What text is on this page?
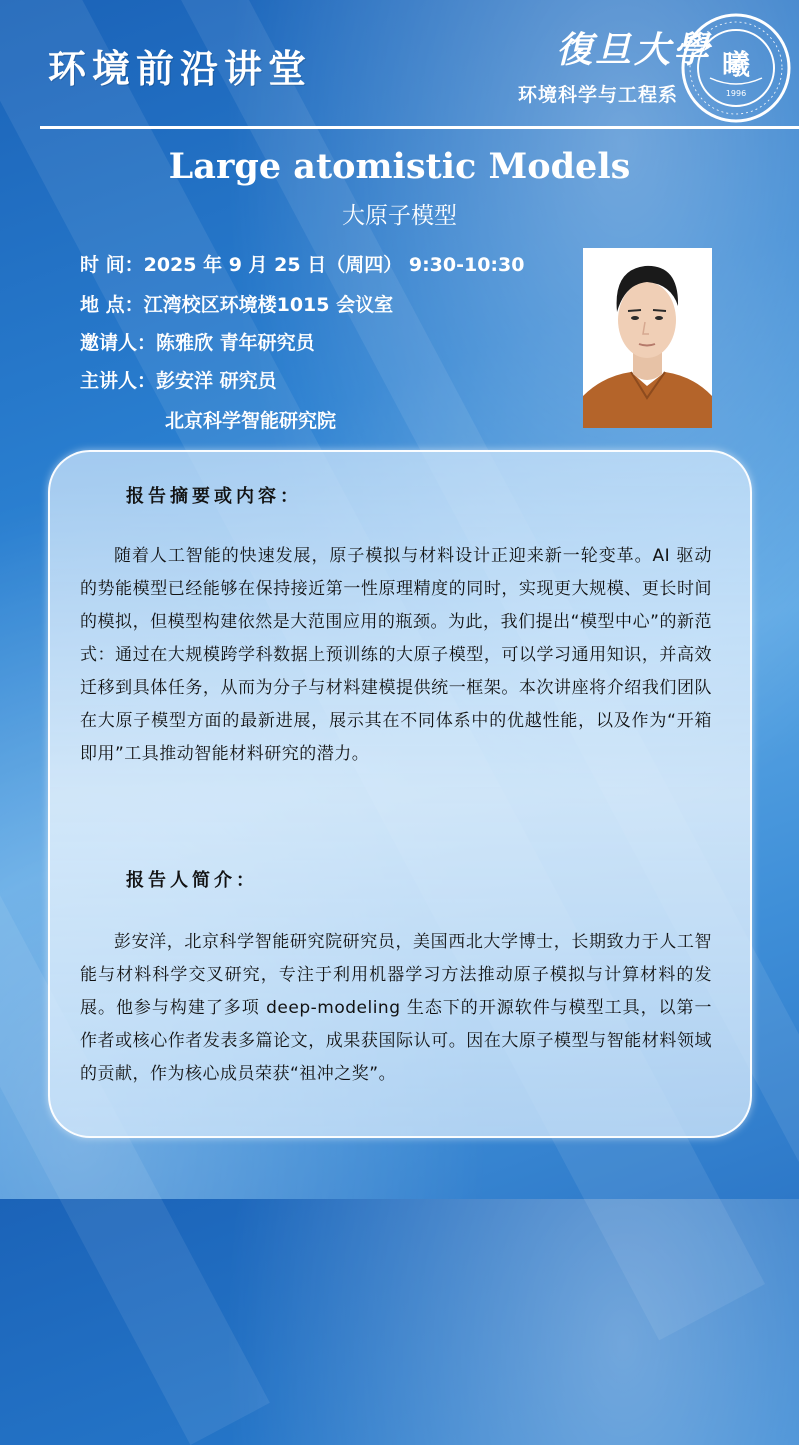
环境前沿讲堂	復旦大學
环境科学与工程系
曦
1996
Large atomistic Models
大原子模型
时 间：2025 年 9 月 25 日（周四） 9:30-10:30
地 点：江湾校区环境楼1015 会议室
邀请人：陈雅欣 青年研究员
主讲人：彭安洋 研究员
北京科学智能研究院
报告摘要或内容：
随着人工智能的快速发展，原子模拟与材料设计正迎来新一轮变革。AI 驱动的势能模型已经能够在保持接近第一性原理精度的同时，实现更大规模、更长时间的模拟，但模型构建依然是大范围应用的瓶颈。为此，我们提出“模型中心”的新范式：通过在大规模跨学科数据上预训练的大原子模型，可以学习通用知识，并高效迁移到具体任务，从而为分子与材料建模提供统一框架。本次讲座将介绍我们团队在大原子模型方面的最新进展，展示其在不同体系中的优越性能，以及作为“开箱即用”工具推动智能材料研究的潜力。
报告人简介：
彭安洋，北京科学智能研究院研究员，美国西北大学博士，长期致力于人工智能与材料科学交叉研究，专注于利用机器学习方法推动原子模拟与计算材料的发展。他参与构建了多项 deep-modeling 生态下的开源软件与模型工具，以第一作者或核心作者发表多篇论文，成果获国际认可。因在大原子模型与智能材料领域的贡献，作为核心成员荣获“祖冲之奖”。
